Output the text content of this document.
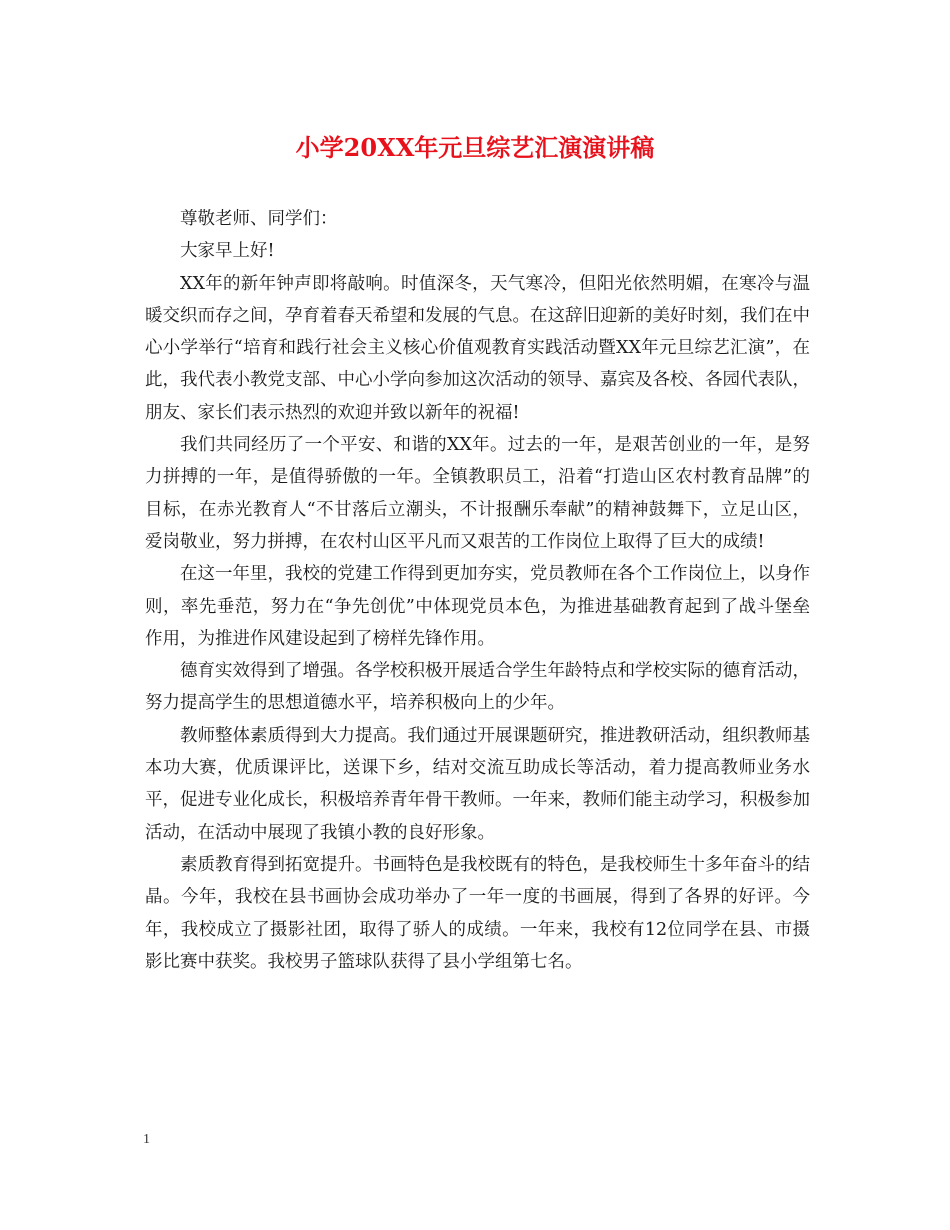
小学20XX年元旦综艺汇演演讲稿

尊敬老师、同学们：

大家早上好!

XX年的新年钟声即将敲响。时值深冬，天气寒冷，但阳光依然明媚，在寒冷与温暖交织而存之间，孕育着春天希望和发展的气息。在这辞旧迎新的美好时刻，我们在中心小学举行“培育和践行社会主义核心价值观教育实践活动暨XX年元旦综艺汇演”，在此，我代表小教党支部、中心小学向参加这次活动的领导、嘉宾及各校、各园代表队，朋友、家长们表示热烈的欢迎并致以新年的祝福!

我们共同经历了一个平安、和谐的XX年。过去的一年，是艰苦创业的一年，是努力拼搏的一年，是值得骄傲的一年。全镇教职员工，沿着“打造山区农村教育品牌”的目标，在赤光教育人“不甘落后立潮头，不计报酬乐奉献”的精神鼓舞下，立足山区，爱岗敬业，努力拼搏，在农村山区平凡而又艰苦的工作岗位上取得了巨大的成绩!

在这一年里，我校的党建工作得到更加夯实，党员教师在各个工作岗位上，以身作则，率先垂范，努力在“争先创优”中体现党员本色，为推进基础教育起到了战斗堡垒作用，为推进作风建设起到了榜样先锋作用。

德育实效得到了增强。各学校积极开展适合学生年龄特点和学校实际的德育活动，努力提高学生的思想道德水平，培养积极向上的少年。

教师整体素质得到大力提高。我们通过开展课题研究，推进教研活动，组织教师基本功大赛，优质课评比，送课下乡，结对交流互助成长等活动，着力提高教师业务水平，促进专业化成长，积极培养青年骨干教师。一年来，教师们能主动学习，积极参加活动，在活动中展现了我镇小教的良好形象。

素质教育得到拓宽提升。书画特色是我校既有的特色，是我校师生十多年奋斗的结晶。今年，我校在县书画协会成功举办了一年一度的书画展，得到了各界的好评。今年，我校成立了摄影社团，取得了骄人的成绩。一年来，我校有12位同学在县、市摄影比赛中获奖。我校男子篮球队获得了县小学组第七名。

1
